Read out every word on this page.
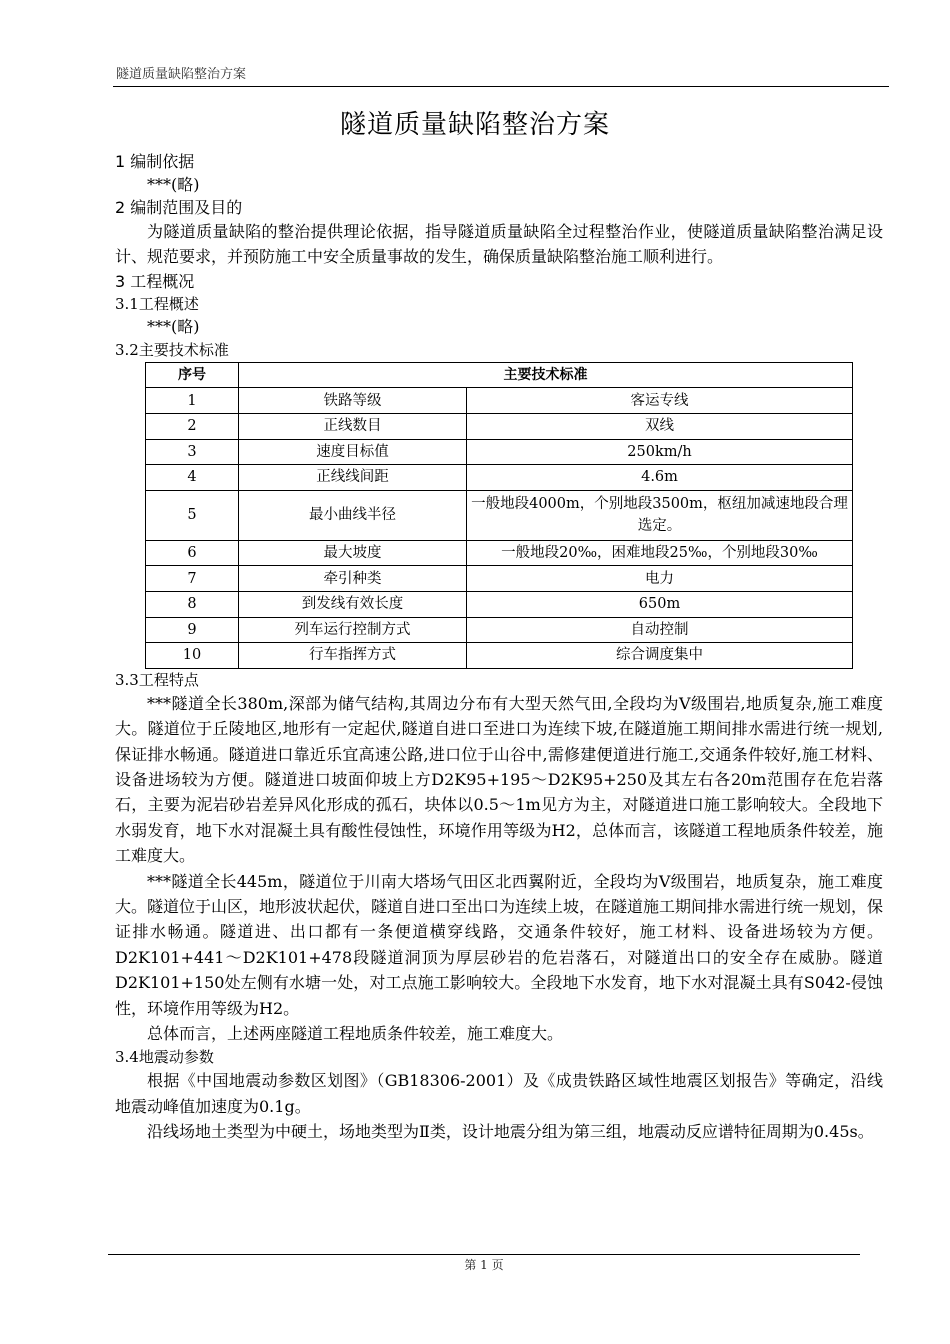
隧道质量缺陷整治方案
隧道质量缺陷整治方案

1 编制依据

***(略)

2 编制范围及目的

为隧道质量缺陷的整治提供理论依据，指导隧道质量缺陷全过程整治作业，使隧道质量缺陷整治满足设计、规范要求，并预防施工中安全质量事故的发生，确保质量缺陷整治施工顺利进行。

3 工程概况

3.1工程概述

***(略)

3.2主要技术标准

序号	主要技术标准	
1	铁路等级	客运专线
2	正线数目	双线
3	速度目标值	250km/h
4	正线线间距	4.6m
5	最小曲线半径	一般地段4000m，个别地段3500m，枢纽加减速地段合理选定。
6	最大坡度	一般地段20‰，困难地段25‰，个别地段30‰
7	牵引种类	电力
8	到发线有效长度	650m
9	列车运行控制方式	自动控制
10	行车指挥方式	综合调度集中

3.3工程特点

***隧道全长380m,深部为储气结构,其周边分布有大型天然气田,全段均为Ⅴ级围岩,地质复杂,施工难度大。隧道位于丘陵地区,地形有一定起伏,隧道自进口至进口为连续下坡,在隧道施工期间排水需进行统一规划,保证排水畅通。隧道进口靠近乐宜高速公路,进口位于山谷中,需修建便道进行施工,交通条件较好,施工材料、设备进场较为方便。隧道进口坡面仰坡上方D2K95+195～D2K95+250及其左右各20m范围存在危岩落石，主要为泥岩砂岩差异风化形成的孤石，块体以0.5～1m见方为主，对隧道进口施工影响较大。全段地下水弱发育，地下水对混凝土具有酸性侵蚀性，环境作用等级为H2，总体而言，该隧道工程地质条件较差，施工难度大。

***隧道全长445m，隧道位于川南大塔场气田区北西翼附近，全段均为Ⅴ级围岩，地质复杂，施工难度大。隧道位于山区，地形波状起伏，隧道自进口至出口为连续上坡，在隧道施工期间排水需进行统一规划，保证排水畅通。隧道进、出口都有一条便道横穿线路，交通条件较好，施工材料、设备进场较为方便。D2K101+441～D2K101+478段隧道洞顶为厚层砂岩的危岩落石，对隧道出口的安全存在威胁。隧道D2K101+150处左侧有水塘一处，对工点施工影响较大。全段地下水发育，地下水对混凝土具有S042-侵蚀性，环境作用等级为H2。

总体而言，上述两座隧道工程地质条件较差，施工难度大。

3.4地震动参数

根据《中国地震动参数区划图》（GB18306-2001）及《成贵铁路区域性地震区划报告》等确定，沿线地震动峰值加速度为0.1g。

沿线场地土类型为中硬土，场地类型为Ⅱ类，设计地震分组为第三组，地震动反应谱特征周期为0.45s。

第 1 页
